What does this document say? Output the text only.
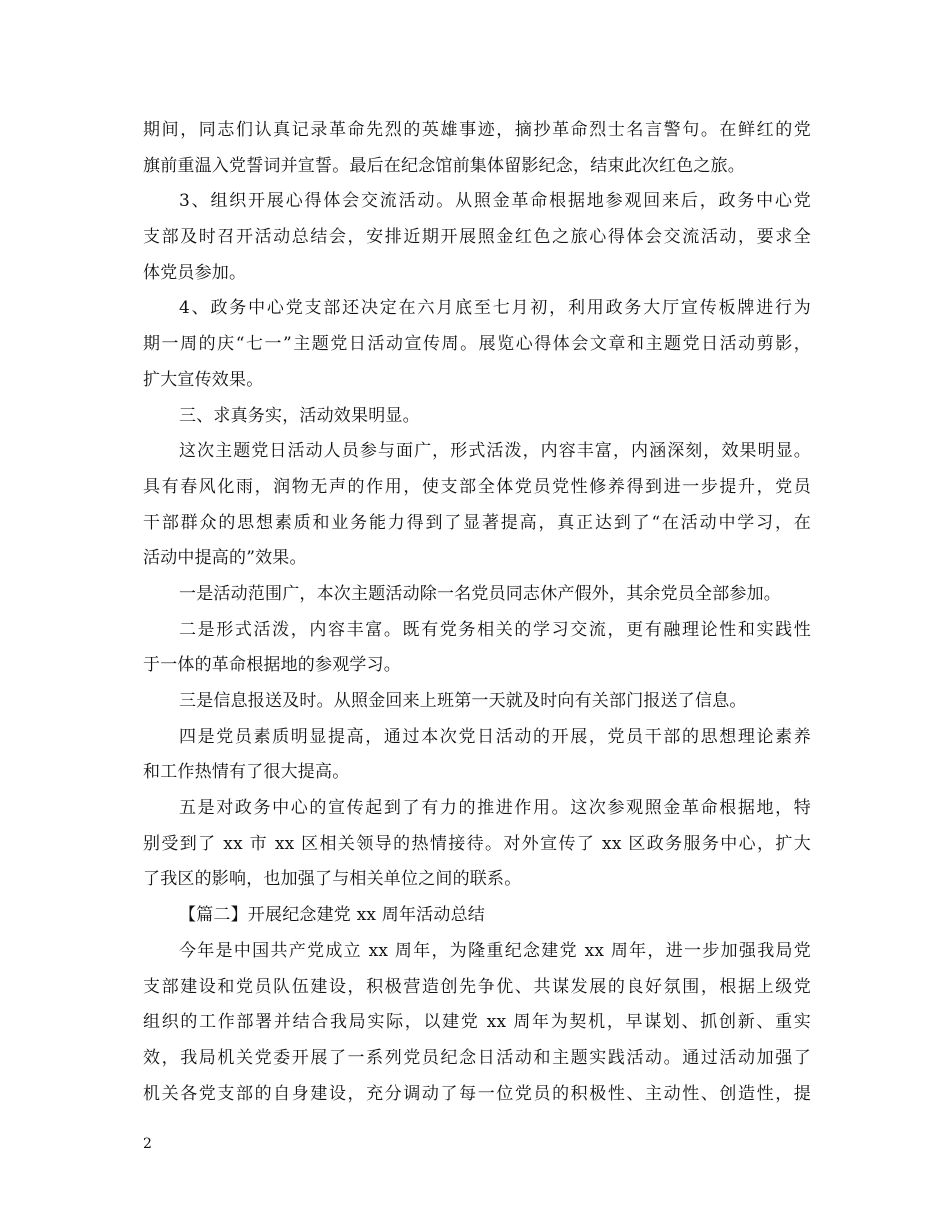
期间，同志们认真记录革命先烈的英雄事迹，摘抄革命烈士名言警句。在鲜红的党
旗前重温入党誓词并宣誓。最后在纪念馆前集体留影纪念，结束此次红色之旅。
3、组织开展心得体会交流活动。从照金革命根据地参观回来后，政务中心党
支部及时召开活动总结会，安排近期开展照金红色之旅心得体会交流活动，要求全
体党员参加。
4、政务中心党支部还决定在六月底至七月初，利用政务大厅宣传板牌进行为
期一周的庆“七一”主题党日活动宣传周。展览心得体会文章和主题党日活动剪影，
扩大宣传效果。
三、求真务实，活动效果明显。
这次主题党日活动人员参与面广，形式活泼，内容丰富，内涵深刻，效果明显。
具有春风化雨，润物无声的作用，使支部全体党员党性修养得到进一步提升，党员
干部群众的思想素质和业务能力得到了显著提高，真正达到了“在活动中学习，在
活动中提高的”效果。
一是活动范围广，本次主题活动除一名党员同志休产假外，其余党员全部参加。
二是形式活泼，内容丰富。既有党务相关的学习交流，更有融理论性和实践性
于一体的革命根据地的参观学习。
三是信息报送及时。从照金回来上班第一天就及时向有关部门报送了信息。
四是党员素质明显提高，通过本次党日活动的开展，党员干部的思想理论素养
和工作热情有了很大提高。
五是对政务中心的宣传起到了有力的推进作用。这次参观照金革命根据地，特
别受到了 xx 市 xx 区相关领导的热情接待。对外宣传了 xx 区政务服务中心，扩大
了我区的影响，也加强了与相关单位之间的联系。
【篇二】开展纪念建党 xx 周年活动总结
今年是中国共产党成立 xx 周年，为隆重纪念建党 xx 周年，进一步加强我局党
支部建设和党员队伍建设，积极营造创先争优、共谋发展的良好氛围，根据上级党
组织的工作部署并结合我局实际，以建党 xx 周年为契机，早谋划、抓创新、重实
效，我局机关党委开展了一系列党员纪念日活动和主题实践活动。通过活动加强了
机关各党支部的自身建设，充分调动了每一位党员的积极性、主动性、创造性，提
2
